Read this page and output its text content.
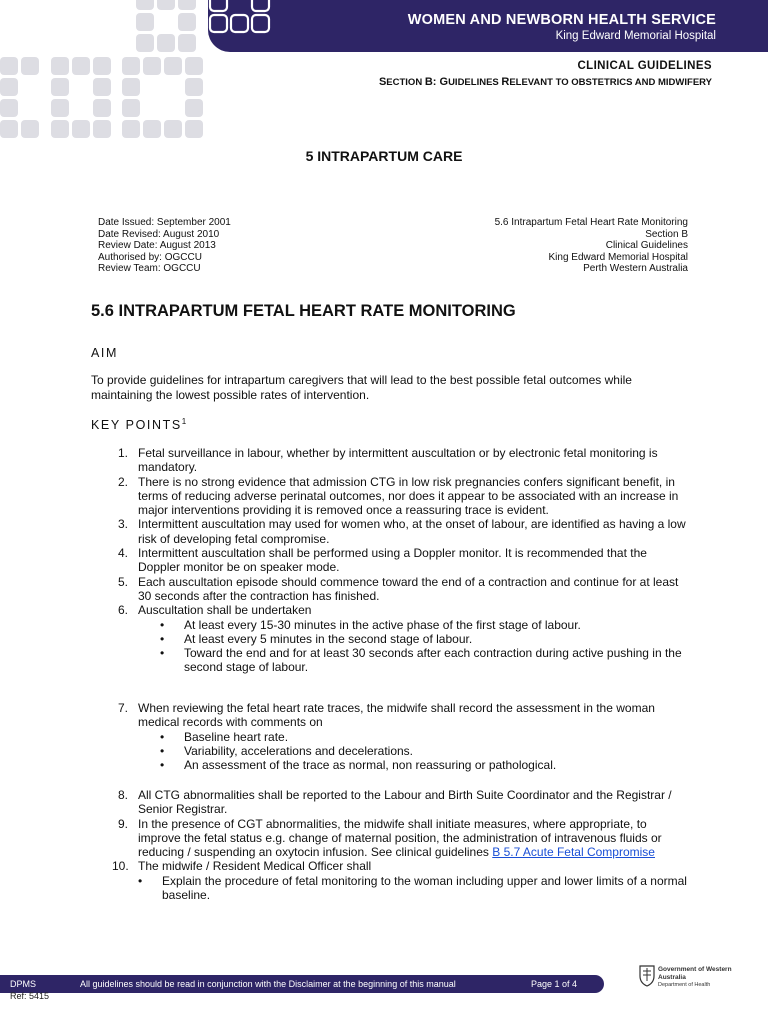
WOMEN AND NEWBORN HEALTH SERVICE
King Edward Memorial Hospital
CLINICAL GUIDELINES
SECTION B: GUIDELINES RELEVANT TO OBSTETRICS AND MIDWIFERY
5 INTRAPARTUM CARE
Date Issued: September 2001
Date Revised: August 2010
Review Date: August 2013
Authorised by: OGCCU
Review Team: OGCCU
5.6 Intrapartum Fetal Heart Rate Monitoring
Section B
Clinical Guidelines
King Edward Memorial Hospital
Perth Western Australia
5.6 INTRAPARTUM FETAL HEART RATE MONITORING
AIM
To provide guidelines for intrapartum caregivers that will lead to the best possible fetal outcomes while maintaining the lowest possible rates of intervention.
KEY POINTS$^1$
1. Fetal surveillance in labour, whether by intermittent auscultation or by electronic fetal monitoring is mandatory.
2. There is no strong evidence that admission CTG in low risk pregnancies confers significant benefit, in terms of reducing adverse perinatal outcomes, nor does it appear to be associated with an increase in major interventions providing it is removed once a reassuring trace is evident.
3. Intermittent auscultation may used for women who, at the onset of labour, are identified as having a low risk of developing fetal compromise.
4. Intermittent auscultation shall be performed using a Doppler monitor. It is recommended that the Doppler monitor be on speaker mode.
5. Each auscultation episode should commence toward the end of a contraction and continue for at least 30 seconds after the contraction has finished.
6. Auscultation shall be undertaken
• At least every 15-30 minutes in the active phase of the first stage of labour.
• At least every 5 minutes in the second stage of labour.
• Toward the end and for at least 30 seconds after each contraction during active pushing in the second stage of labour.
7. When reviewing the fetal heart rate traces, the midwife shall record the assessment in the woman medical records with comments on
• Baseline heart rate.
• Variability, accelerations and decelerations.
• An assessment of the trace as normal, non reassuring or pathological.
8. All CTG abnormalities shall be reported to the Labour and Birth Suite Coordinator and the Registrar / Senior Registrar.
9. In the presence of CGT abnormalities, the midwife shall initiate measures, where appropriate, to improve the fetal status e.g. change of maternal position, the administration of intravenous fluids or reducing / suspending an oxytocin infusion. See clinical guidelines B 5.7 Acute Fetal Compromise
10. The midwife / Resident Medical Officer shall
• Explain the procedure of fetal monitoring to the woman including upper and lower limits of a normal baseline.
DPMS	All guidelines should be read in conjunction with the Disclaimer at the beginning of this manual	Page 1 of 4
Ref: 5415
Government of Western Australia
Department of Health
